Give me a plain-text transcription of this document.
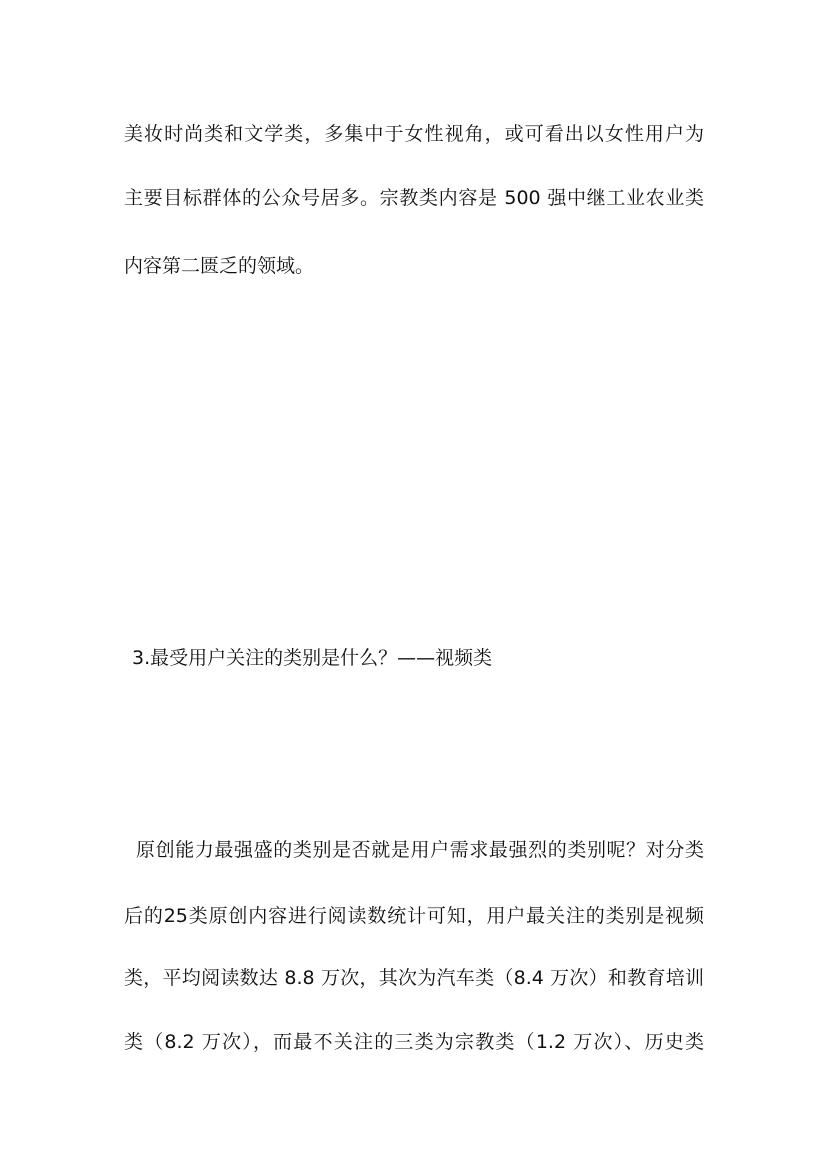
美妆时尚类和文学类，多集中于女性视角，或可看出以女性用户为
主要目标群体的公众号居多。宗教类内容是 500 强中继工业农业类
内容第二匮乏的领域。
3.最受用户关注的类别是什么？——视频类
原创能力最强盛的类别是否就是用户需求最强烈的类别呢？对分类
后的25类原创内容进行阅读数统计可知，用户最关注的类别是视频
类，平均阅读数达 8.8 万次，其次为汽车类（8.4 万次）和教育培训
类（8.2 万次），而最不关注的三类为宗教类（1.2 万次）、历史类
